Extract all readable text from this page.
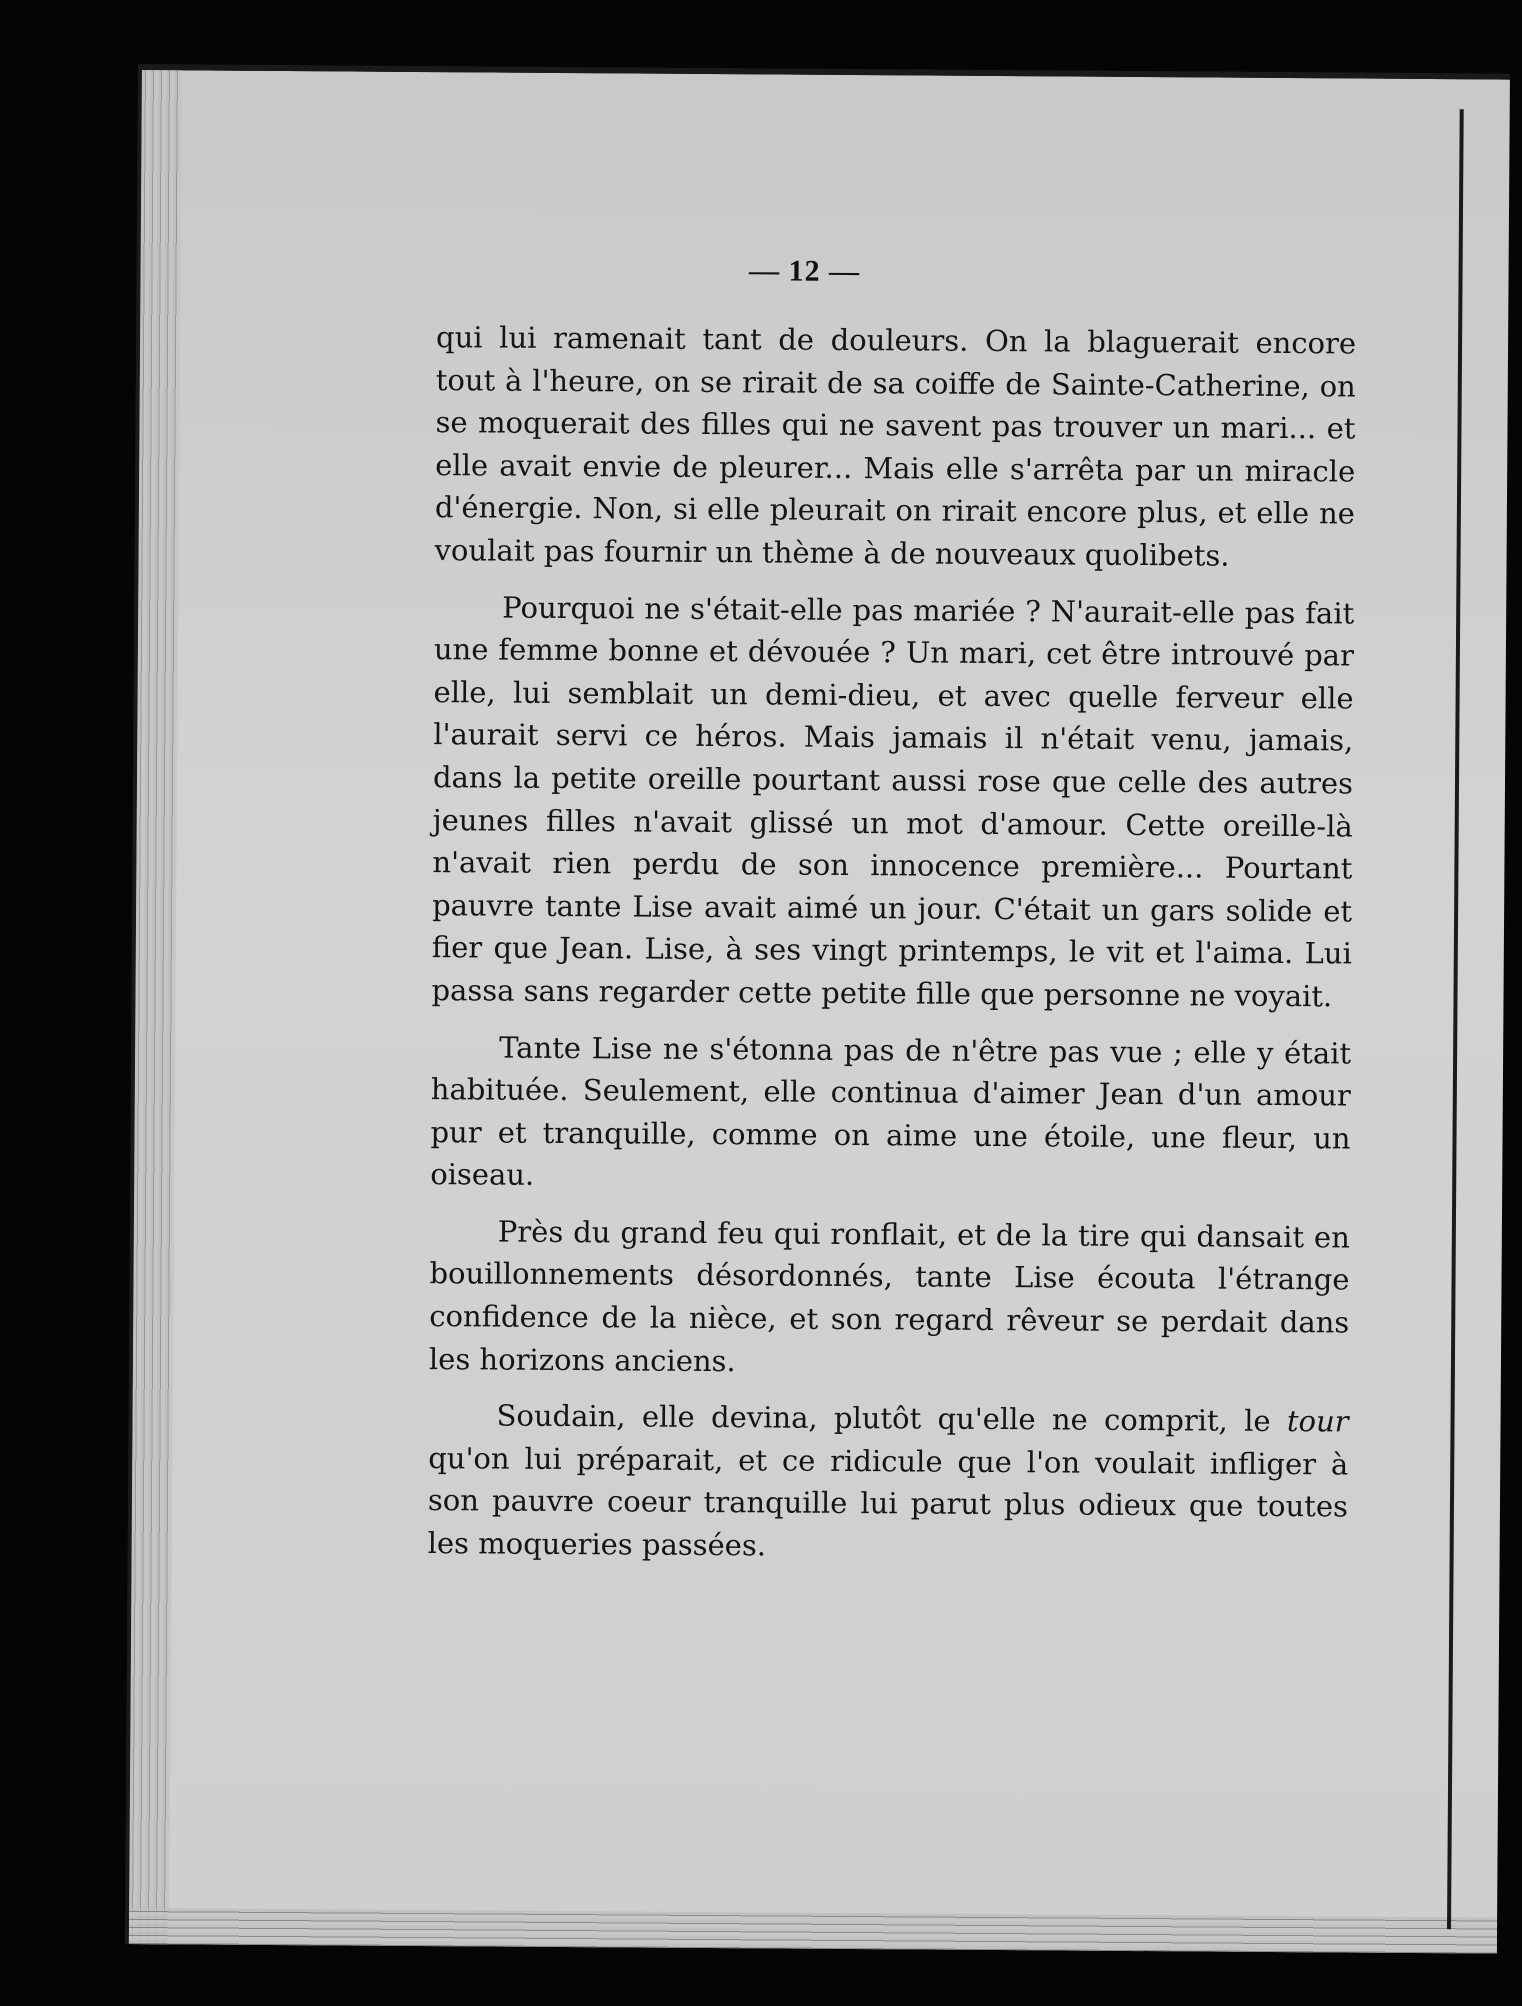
— 12 —

qui lui ramenait tant de douleurs. On la blaguerait encore tout à l'heure, on se rirait de sa coiffe de Sainte-Catherine, on se moquerait des filles qui ne savent pas trouver un mari... et elle avait envie de pleurer... Mais elle s'arrêta par un miracle d'énergie. Non, si elle pleurait on rirait encore plus, et elle ne voulait pas fournir un thème à de nouveaux quolibets.

Pourquoi ne s'était-elle pas mariée ? N'aurait-elle pas fait une femme bonne et dévouée ? Un mari, cet être introuvé par elle, lui semblait un demi-dieu, et avec quelle ferveur elle l'aurait servi ce héros. Mais jamais il n'était venu, jamais, dans la petite oreille pourtant aussi rose que celle des autres jeunes filles n'avait glissé un mot d'amour. Cette oreille-là n'avait rien perdu de son innocence première... Pourtant pauvre tante Lise avait aimé un jour. C'était un gars solide et fier que Jean. Lise, à ses vingt printemps, le vit et l'aima. Lui passa sans regarder cette petite fille que personne ne voyait.

Tante Lise ne s'étonna pas de n'être pas vue ; elle y était habituée. Seulement, elle continua d'aimer Jean d'un amour pur et tranquille, comme on aime une étoile, une fleur, un oiseau.

Près du grand feu qui ronflait, et de la tire qui dansait en bouillonnements désordonnés, tante Lise écouta l'étrange confidence de la nièce, et son regard rêveur se perdait dans les horizons anciens.

Soudain, elle devina, plutôt qu'elle ne comprit, le tour qu'on lui préparait, et ce ridicule que l'on voulait infliger à son pauvre coeur tranquille lui parut plus odieux que toutes les moqueries passées.
